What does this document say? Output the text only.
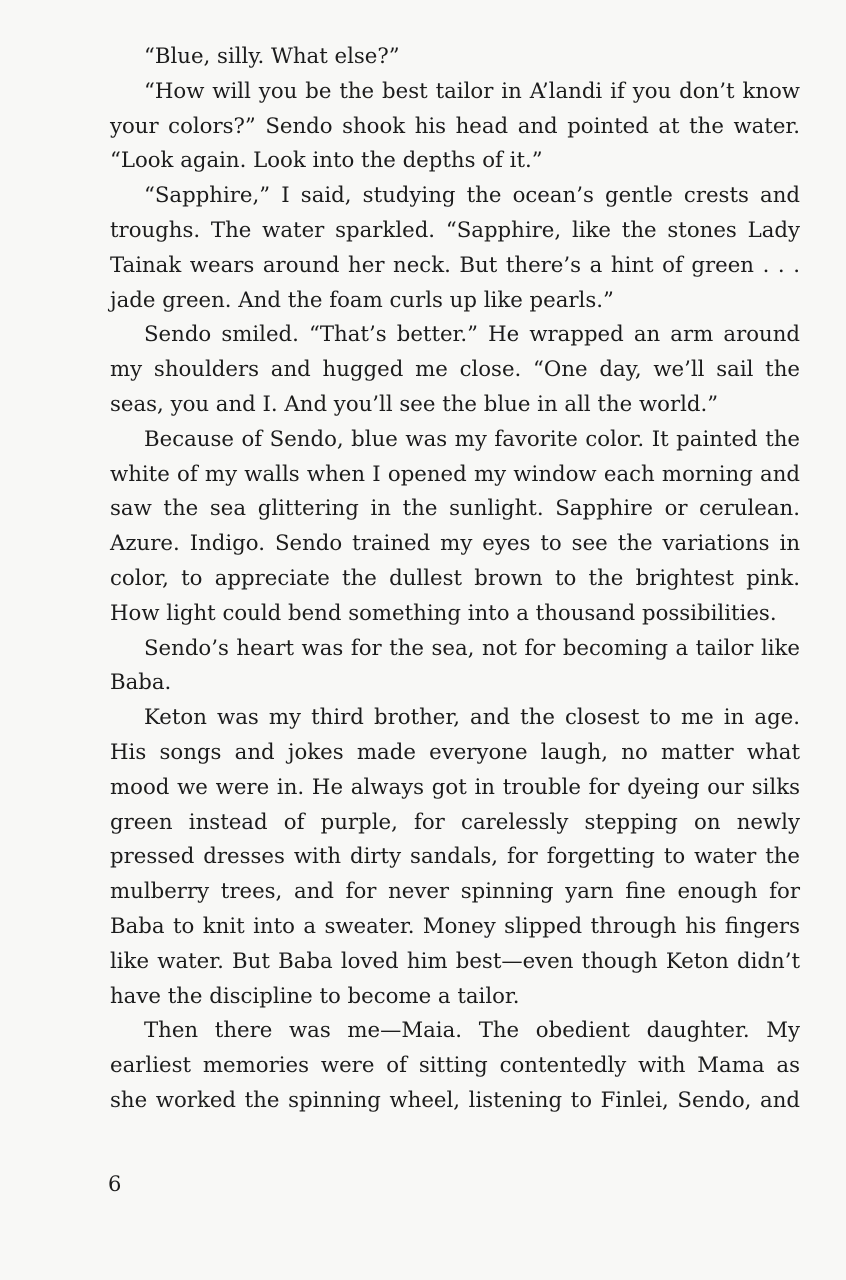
“Blue, silly. What else?”

“How will you be the best tailor in A’landi if you don’t know your colors?” Sendo shook his head and pointed at the water. “Look again. Look into the depths of it.”

“Sapphire,” I said, studying the ocean’s gentle crests and troughs. The water sparkled. “Sapphire, like the stones Lady Tainak wears around her neck. But there’s a hint of green . . . jade green. And the foam curls up like pearls.”

Sendo smiled. “That’s better.” He wrapped an arm around my shoulders and hugged me close. “One day, we’ll sail the seas, you and I. And you’ll see the blue in all the world.”

Because of Sendo, blue was my favorite color. It painted the white of my walls when I opened my window each morning and saw the sea glittering in the sunlight. Sapphire or cerulean. Azure. Indigo. Sendo trained my eyes to see the variations in color, to appreciate the dullest brown to the brightest pink. How light could bend something into a thousand possibilities.

Sendo’s heart was for the sea, not for becoming a tailor like Baba.

Keton was my third brother, and the closest to me in age. His songs and jokes made everyone laugh, no matter what mood we were in. He always got in trouble for dyeing our silks green instead of purple, for carelessly stepping on newly pressed dresses with dirty sandals, for forgetting to water the mulberry trees, and for never spinning yarn fine enough for Baba to knit into a sweater. Money slipped through his fingers like water. But Baba loved him best—even though Keton didn’t have the discipline to become a tailor.

Then there was me—Maia. The obedient daughter. My earliest memories were of sitting contentedly with Mama as she worked the spinning wheel, listening to Finlei, Sendo, and

6
